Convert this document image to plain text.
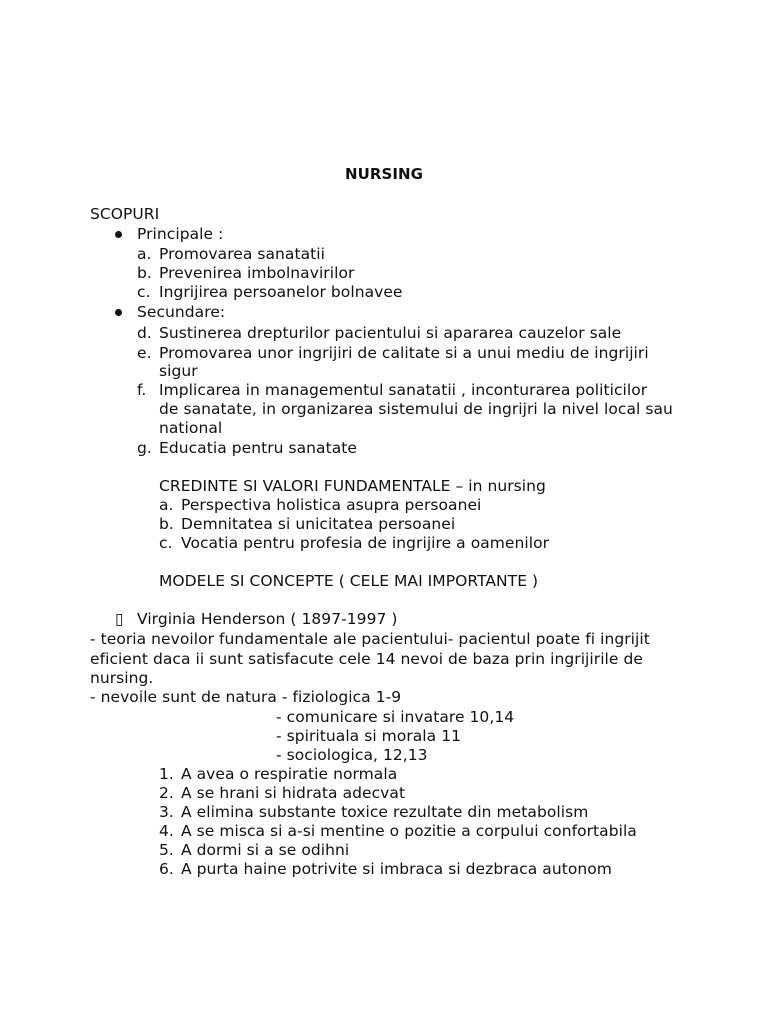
NURSING
SCOPURI
Principale :
a. Promovarea sanatatii
b. Prevenirea imbolnavirilor
c. Ingrijirea persoanelor bolnavee
Secundare:
d. Sustinerea drepturilor pacientului si apararea cauzelor sale
e. Promovarea unor ingrijiri de calitate si a unui mediu de ingrijiri
sigur
f. Implicarea in managementul sanatatii , inconturarea politicilor
de sanatate, in organizarea sistemului de ingrijri la nivel local sau
national
g. Educatia pentru sanatate
CREDINTE SI VALORI FUNDAMENTALE – in nursing
a. Perspectiva holistica asupra persoanei
b. Demnitatea si unicitatea persoanei
c. Vocatia pentru profesia de ingrijire a oamenilor
MODELE SI CONCEPTE ( CELE MAI IMPORTANTE )
▯ Virginia Henderson ( 1897-1997 )
- teoria nevoilor fundamentale ale pacientului- pacientul poate fi ingrijit
eficient daca ii sunt satisfacute cele 14 nevoi de baza prin ingrijirile de
nursing.
- nevoile sunt de natura - fiziologica 1-9
- comunicare si invatare 10,14
- spirituala si morala 11
- sociologica, 12,13
1. A avea o respiratie normala
2. A se hrani si hidrata adecvat
3. A elimina substante toxice rezultate din metabolism
4. A se misca si a-si mentine o pozitie a corpului confortabila
5. A dormi si a se odihni
6. A purta haine potrivite si imbraca si dezbraca autonom
